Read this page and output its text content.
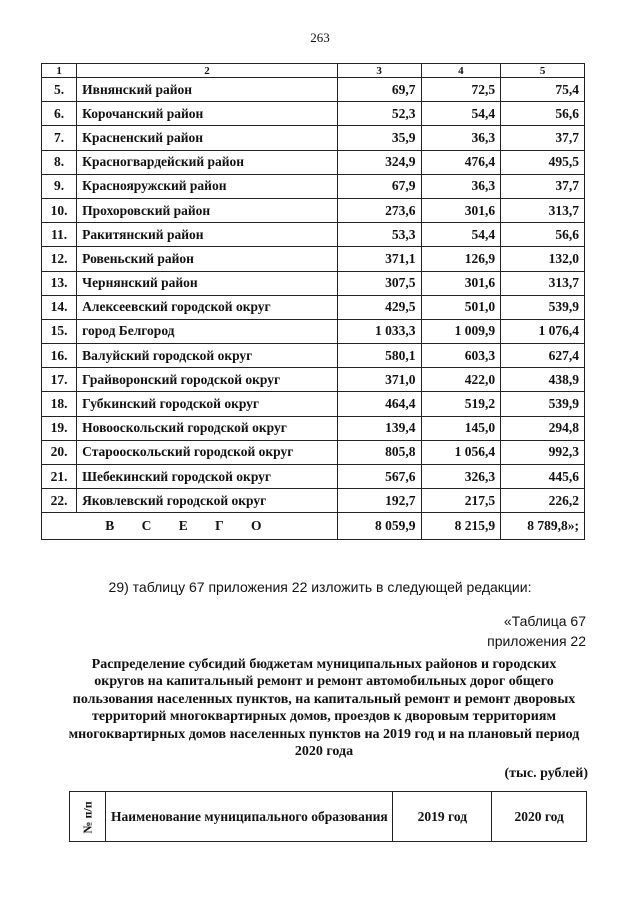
263
1	2	3	4	5
5.	Ивнянский район	69,7	72,5	75,4
6.	Корочанский район	52,3	54,4	56,6
7.	Красненский район	35,9	36,3	37,7
8.	Красногвардейский район	324,9	476,4	495,5
9.	Краснояружский район	67,9	36,3	37,7
10.	Прохоровский район	273,6	301,6	313,7
11.	Ракитянский район	53,3	54,4	56,6
12.	Ровеньский район	371,1	126,9	132,0
13.	Чернянский район	307,5	301,6	313,7
14.	Алексеевский городской округ	429,5	501,0	539,9
15.	город Белгород	1 033,3	1 009,9	1 076,4
16.	Валуйский городской округ	580,1	603,3	627,4
17.	Грайворонский городской округ	371,0	422,0	438,9
18.	Губкинский городской округ	464,4	519,2	539,9
19.	Новооскольский городской округ	139,4	145,0	294,8
20.	Старооскольский городской округ	805,8	1 056,4	992,3
21.	Шебекинский городской округ	567,6	326,3	445,6
22.	Яковлевский городской округ	192,7	217,5	226,2
В С Е Г О		8 059,9	8 215,9	8 789,8»;
29) таблицу 67 приложения 22 изложить в следующей редакции:
«Таблица 67
приложения 22
Распределение субсидий бюджетам муниципальных районов и городских округов на капитальный ремонт и ремонт автомобильных дорог общего пользования населенных пунктов, на капитальный ремонт и ремонт дворовых территорий многоквартирных домов, проездов к дворовым территориям многоквартирных домов населенных пунктов на 2019 год и на плановый период 2020 года
(тыс. рублей)
№ п/п	Наименование муниципального образования	2019 год	2020 год
